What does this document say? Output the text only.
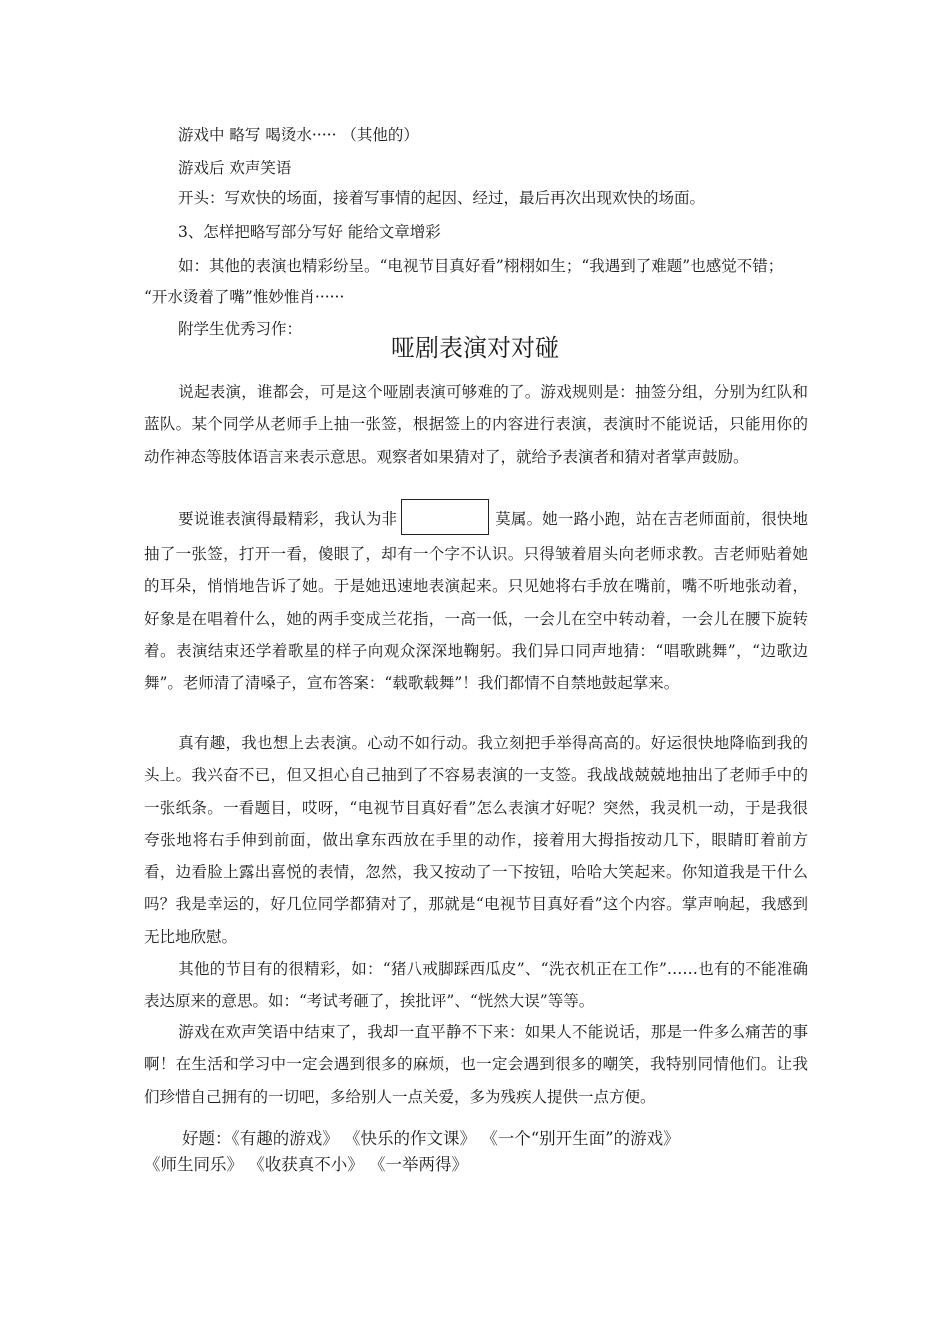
游戏中 略写 喝烫水····· （其他的）
游戏后 欢声笑语
开头：写欢快的场面，接着写事情的起因、经过，最后再次出现欢快的场面。
3、怎样把略写部分写好 能给文章增彩
如：其他的表演也精彩纷呈。“电视节目真好看”栩栩如生；“我遇到了难题”也感觉不错；
“开水烫着了嘴”惟妙惟肖······
附学生优秀习作：
哑剧表演对对碰
说起表演，谁都会，可是这个哑剧表演可够难的了。游戏规则是：抽签分组，分别为红队和蓝队。某个同学从老师手上抽一张签，根据签上的内容进行表演，表演时不能说话，只能用你的动作神态等肢体语言来表示意思。观察者如果猜对了，就给予表演者和猜对者掌声鼓励。
要说谁表演得最精彩，我认为非	莫属。她一路小跑，站在吉老师面前，很快地抽了一张签，打开一看，傻眼了，却有一个字不认识。只得皱着眉头向老师求教。吉老师贴着她的耳朵，悄悄地告诉了她。于是她迅速地表演起来。只见她将右手放在嘴前，嘴不听地张动着，好象是在唱着什么，她的两手变成兰花指，一高一低，一会儿在空中转动着，一会儿在腰下旋转着。表演结束还学着歌星的样子向观众深深地鞠躬。我们异口同声地猜：“唱歌跳舞”，“边歌边舞”。老师清了清嗓子，宣布答案：“载歌载舞”！我们都情不自禁地鼓起掌来。
真有趣，我也想上去表演。心动不如行动。我立刻把手举得高高的。好运很快地降临到我的头上。我兴奋不已，但又担心自己抽到了不容易表演的一支签。我战战兢兢地抽出了老师手中的一张纸条。一看题目，哎呀，“电视节目真好看”怎么表演才好呢？突然，我灵机一动，于是我很夸张地将右手伸到前面，做出拿东西放在手里的动作，接着用大拇指按动几下，眼睛盯着前方看，边看脸上露出喜悦的表情，忽然，我又按动了一下按钮，哈哈大笑起来。你知道我是干什么吗？我是幸运的，好几位同学都猜对了，那就是“电视节目真好看”这个内容。掌声响起，我感到无比地欣慰。
其他的节目有的很精彩，如：“猪八戒脚踩西瓜皮”、“洗衣机正在工作”……也有的不能准确表达原来的意思。如：“考试考砸了，挨批评”、“恍然大误”等等。
游戏在欢声笑语中结束了，我却一直平静不下来：如果人不能说话，那是一件多么痛苦的事啊！在生活和学习中一定会遇到很多的麻烦，也一定会遇到很多的嘲笑，我特别同情他们。让我们珍惜自己拥有的一切吧，多给别人一点关爱，多为残疾人提供一点方便。
好题：《有趣的游戏》 《快乐的作文课》 《一个“别开生面”的游戏》
《师生同乐》 《收获真不小》 《一举两得》
